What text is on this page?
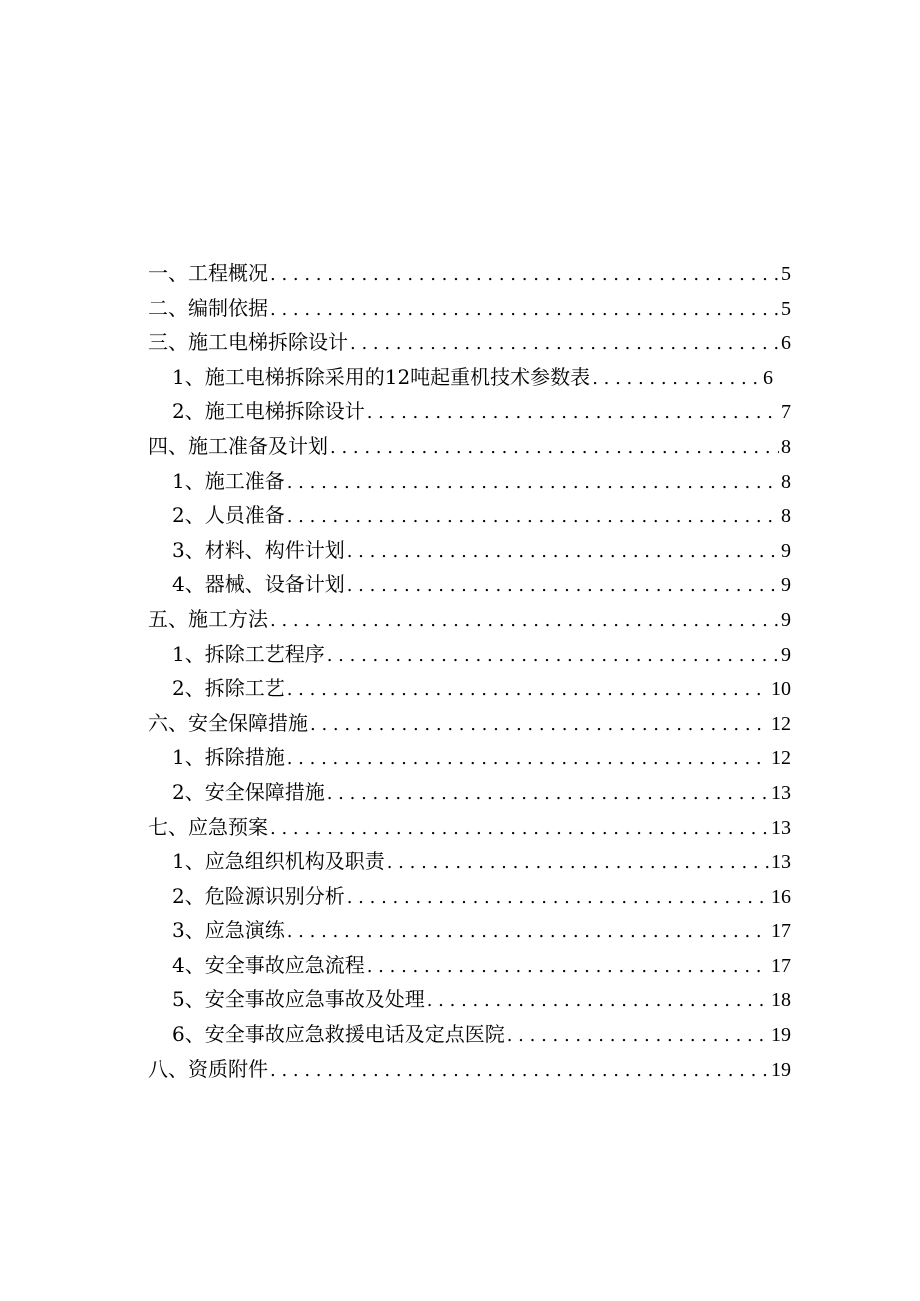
一、工程概况 . . .	5
二、编制依据 . . .	5
三、施工电梯拆除设计 . . .	6
1、施工电梯拆除采用的12吨起重机技术参数表 . . .	6
2、施工电梯拆除设计 . . .	7
四、施工准备及计划 . . .	8
1、施工准备 . . .	8
2、人员准备 . . .	8
3、材料、构件计划 . . .	9
4、器械、设备计划 . . .	9
五、施工方法 . . .	9
1、拆除工艺程序 . . .	9
2、拆除工艺 . . .	10
六、安全保障措施 . . .	12
1、拆除措施 . . .	12
2、安全保障措施 . . .	13
七、应急预案 . . .	13
1、应急组织机构及职责 . . .	13
2、危险源识别分析 . . .	16
3、应急演练 . . .	17
4、安全事故应急流程 . . .	17
5、安全事故应急事故及处理 . . .	18
6、安全事故应急救援电话及定点医院 . . .	19
八、资质附件 . . .	19
